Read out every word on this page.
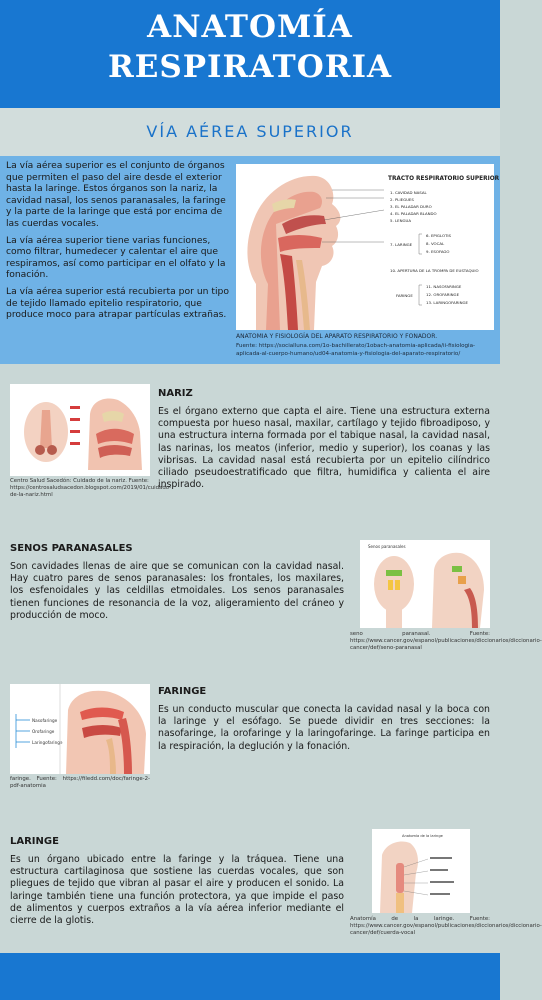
ANATOMÍA
RESPIRATORIA
VÍA AÉREA SUPERIOR

La vía aérea superior es el conjunto de órganos que permiten el paso del aire desde el exterior hasta la laringe. Estos órganos son la nariz, la cavidad nasal, los senos paranasales, la faringe y la parte de la laringe que está por encima de las cuerdas vocales.

La vía aérea superior tiene varias funciones, como filtrar, humedecer y calentar el aire que respiramos, así como participar en el olfato y la fonación.

La vía aérea superior está recubierta por un tipo de tejido llamado epitelio respiratorio, que produce moco para atrapar partículas extrañas.

TRACTO RESPIRATORIO SUPERIOR
1. CAVIDAD NASAL
2. PLIEGUES
3. EL PALADAR DURO
4. EL PALADAR BLANDO
5. LENGUA
7. LARINGE
6. EPIGLOTIS
8. VOCAL
9. ESOFAGO
10. APERTURA DE LA TROMPA DE EUSTAQUIO
FARINGE
11. NASOFARINGE
12. OROFARINGE
13. LARINGOFARINGE
ANATOMIA Y FISIOLOGÍA DEL APARATO RESPIRATORIO Y FONADOR.
Fuente: https://socialluna.com/1o-bachillerato/1obach-anatomia-aplicada/ii-fisiologia-aplicada-al-cuerpo-humano/ud04-anatomia-y-fisiologia-del-aparato-respiratorio/
Centro Salud Sacedón: Cuidado de la nariz. Fuente: https://centrosaludsacedon.blogspot.com/2019/01/cuidado-de-la-nariz.html
NARIZ
Es el órgano externo que capta el aire. Tiene una estructura externa compuesta por hueso nasal, maxilar, cartílago y tejido fibroadiposo, y una estructura interna formada por el tabique nasal, la cavidad nasal, las narinas, los meatos (inferior, medio y superior), los coanas y las vibrisas. La cavidad nasal está recubierta por un epitelio cilíndrico ciliado pseudoestratificado que filtra, humidifica y calienta el aire inspirado.
SENOS PARANASALES
Son cavidades llenas de aire que se comunican con la cavidad nasal. Hay cuatro pares de senos paranasales: los frontales, los maxilares, los esfenoidales y las celdillas etmoidales. Los senos paranasales tienen funciones de resonancia de la voz, aligeramiento del cráneo y producción de moco.
Senos paranasales
seno paranasal. Fuente: https://www.cancer.gov/espanol/publicaciones/diccionarios/diccionario-cancer/def/seno-paranasal
Nasofaringe
Orofaringe
Laringofaringe
faringe. Fuente: https://filedd.com/doc/faringe-2-pdf-anatomia
FARINGE
Es un conducto muscular que conecta la cavidad nasal y la boca con la laringe y el esófago. Se puede dividir en tres secciones: la nasofaringe, la orofaringe y la laringofaringe. La faringe participa en la respiración, la deglución y la fonación.
LARINGE
Es un órgano ubicado entre la faringe y la tráquea. Tiene una estructura cartilaginosa que sostiene las cuerdas vocales, que son pliegues de tejido que vibran al pasar el aire y producen el sonido. La laringe también tiene una función protectora, ya que impide el paso de alimentos y cuerpos extraños a la vía aérea inferior mediante el cierre de la glotis.
Anatomía de la laringe
Anatomía de la laringe. Fuente: https://www.cancer.gov/espanol/publicaciones/diccionarios/diccionario-cancer/def/cuerda-vocal
